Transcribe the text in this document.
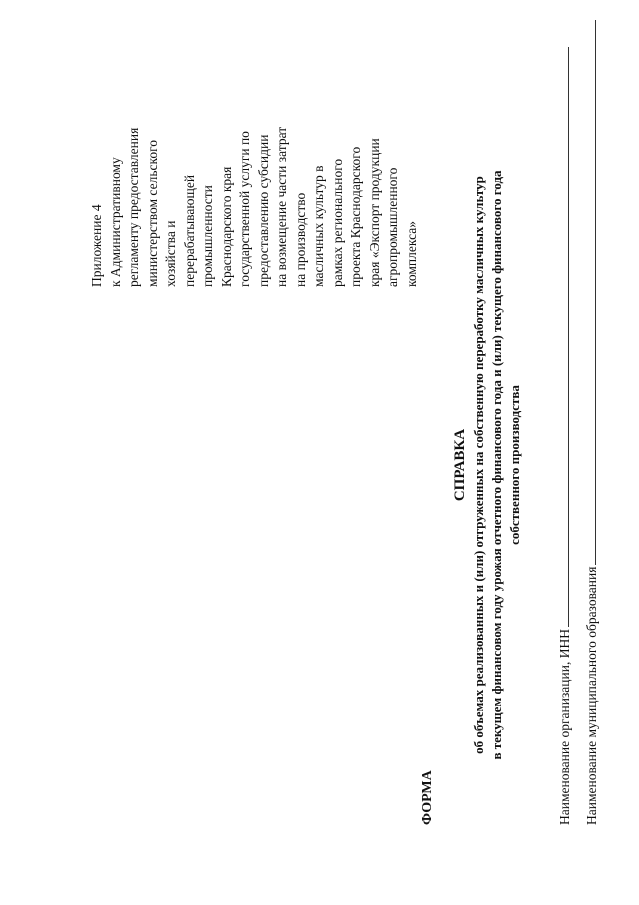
Приложение 4 к Административному регламенту предоставления министерством сельского хозяйства и перерабатывающей промышленности Краснодарского края государственной услуги по предоставлению субсидии на возмещение части затрат на производство масличных культур в рамках регионального проекта Краснодарского края «Экспорт продукции агропромышленного комплекса»
ФОРМА
СПРАВКА об объемах реализованных и (или) отгруженных на собственную переработку масличных культур в текущем финансовом году урожая отчетного финансового года и (или) текущего финансового года собственного производства
Наименование организации, ИНН Наименование муниципального образования
